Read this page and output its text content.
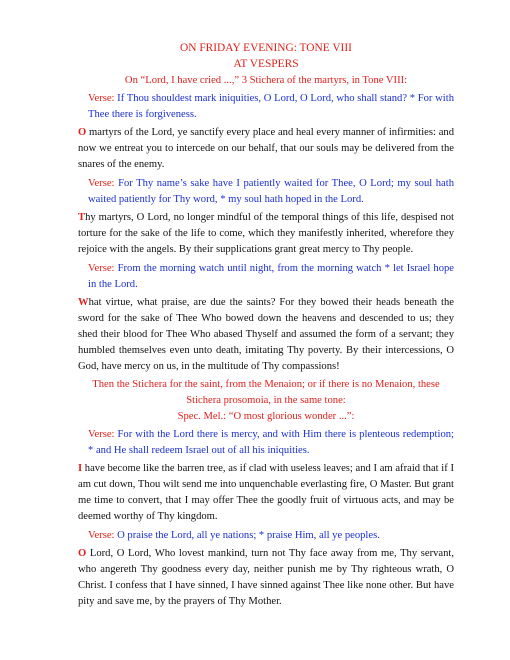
ON FRIDAY EVENING: TONE VIII

AT VESPERS

On “Lord, I have cried ...,” 3 Stichera of the martyrs, in Tone VIII:

Verse: If Thou shouldest mark iniquities, O Lord, O Lord, who shall stand? * For with Thee there is forgiveness.

O martyrs of the Lord, ye sanctify every place and heal every manner of infirmities: and now we entreat you to intercede on our behalf, that our souls may be delivered from the snares of the enemy.

Verse: For Thy name’s sake have I patiently waited for Thee, O Lord; my soul hath waited patiently for Thy word, * my soul hath hoped in the Lord.

Thy martyrs, O Lord, no longer mindful of the temporal things of this life, despised not torture for the sake of the life to come, which they manifestly inherited, wherefore they rejoice with the angels. By their supplications grant great mercy to Thy people.

Verse: From the morning watch until night, from the morning watch * let Israel hope in the Lord.

What virtue, what praise, are due the saints? For they bowed their heads beneath the sword for the sake of Thee Who bowed down the heavens and descended to us; they shed their blood for Thee Who abased Thyself and assumed the form of a servant; they humbled themselves even unto death, imitating Thy poverty. By their intercessions, O God, have mercy on us, in the multitude of Thy compassions!

Then the Stichera for the saint, from the Menaion; or if there is no Menaion, these Stichera prosomoia, in the same tone:

Spec. Mel.: “O most glorious wonder ...”:

Verse: For with the Lord there is mercy, and with Him there is plenteous redemption; * and He shall redeem Israel out of all his iniquities.

I have become like the barren tree, as if clad with useless leaves; and I am afraid that if I am cut down, Thou wilt send me into unquenchable everlasting fire, O Master. But grant me time to convert, that I may offer Thee the goodly fruit of virtuous acts, and may be deemed worthy of Thy kingdom.

Verse: O praise the Lord, all ye nations; * praise Him, all ye peoples.

O Lord, O Lord, Who lovest mankind, turn not Thy face away from me, Thy servant, who angereth Thy goodness every day, neither punish me by Thy righteous wrath, O Christ. I confess that I have sinned, I have sinned against Thee like none other. But have pity and save me, by the prayers of Thy Mother.
